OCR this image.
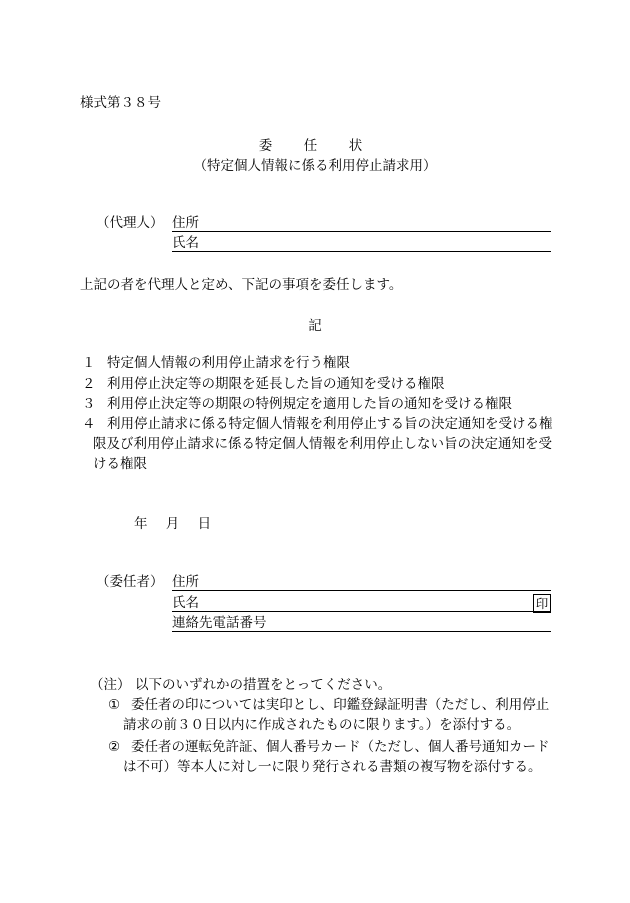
様式第３８号
委　任　状
（特定個人情報に係る利用停止請求用）
（代理人） 住所
氏名
上記の者を代理人と定め、下記の事項を委任します。
記
１ 特定個人情報の利用停止請求を行う権限
２ 利用停止決定等の期限を延長した旨の通知を受ける権限
３ 利用停止決定等の期限の特例規定を適用した旨の通知を受ける権限
４ 利用停止請求に係る特定個人情報を利用停止する旨の決定通知を受ける権
限及び利用停止請求に係る特定個人情報を利用停止しない旨の決定通知を受
ける権限
年 月 日
（委任者） 住所
氏名	印
連絡先電話番号
（注） 以下のいずれかの措置をとってください。
① 委任者の印については実印とし、印鑑登録証明書（ただし、利用停止
請求の前３０日以内に作成されたものに限ります。）を添付する。
② 委任者の運転免許証、個人番号カード（ただし、個人番号通知カード
は不可）等本人に対し一に限り発行される書類の複写物を添付する。
